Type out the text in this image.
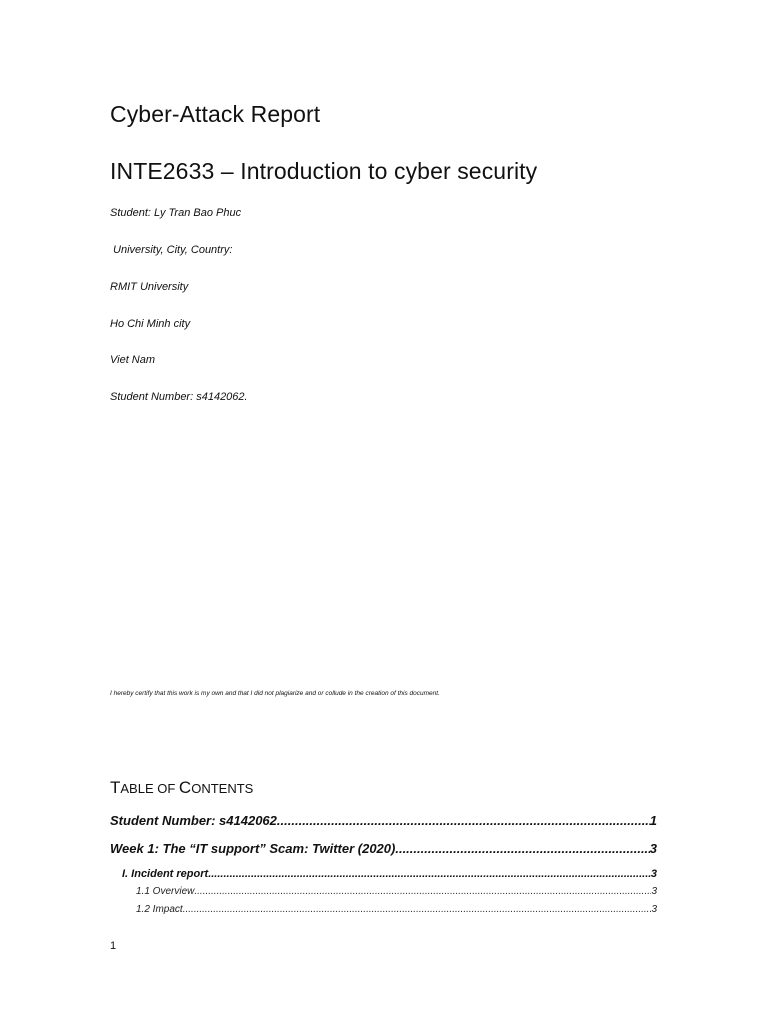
Cyber-Attack Report
INTE2633 – Introduction to cyber security
Student: Ly Tran Bao Phuc
University, City, Country:
RMIT University
Ho Chi Minh city
Viet Nam
Student Number: s4142062.
I hereby certify that this work is my own and that I did not plagiarize and or collude in the creation of this document.
TABLE OF CONTENTS
Student Number: s4142062 .....	1
Week 1: The “IT support” Scam: Twitter (2020) .....	3
I. Incident report .....	3
1.1 Overview .....	3
1.2 Impact .....	3
1
